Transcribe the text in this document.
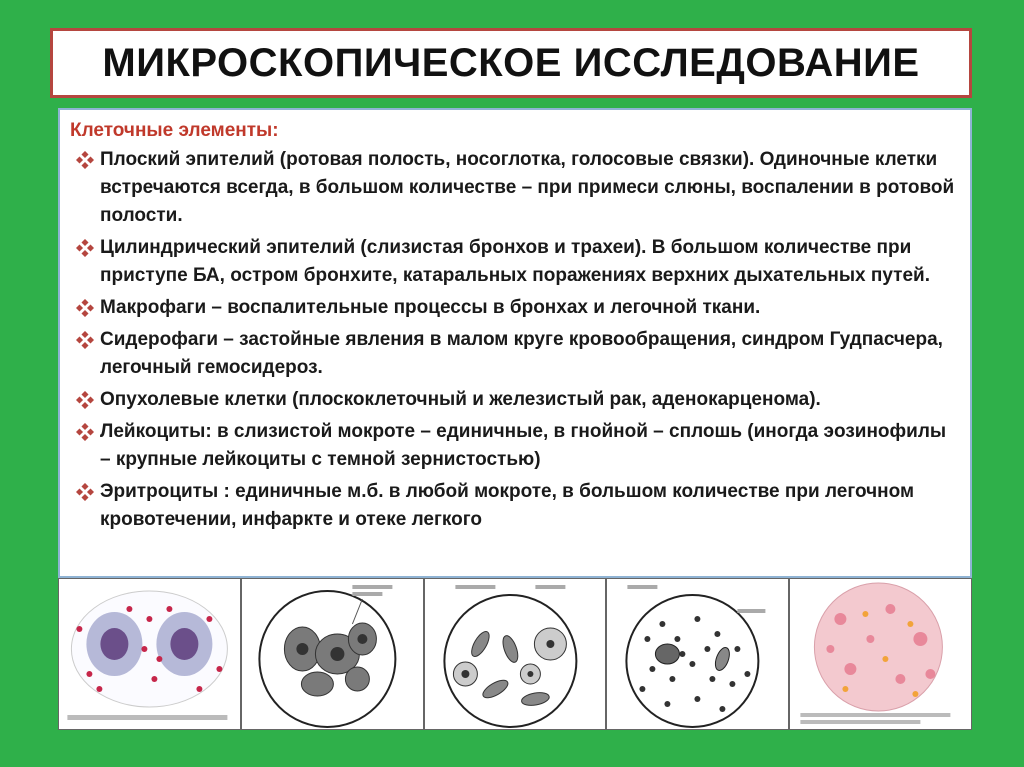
МИКРОСКОПИЧЕСКОЕ ИССЛЕДОВАНИЕ
Клеточные элементы:
Плоский эпителий (ротовая полость, носоглотка, голосовые связки). Одиночные клетки встречаются всегда, в большом количестве – при примеси слюны, воспалении в ротовой полости.
Цилиндрический эпителий (слизистая бронхов и трахеи). В большом количестве при приступе БА, остром бронхите, катаральных поражениях верхних дыхательных путей.
Макрофаги – воспалительные процессы в бронхах и легочной ткани.
Сидерофаги – застойные явления в малом круге кровообращения, синдром Гудпасчера, легочный гемосидероз.
Опухолевые клетки (плоскоклеточный и железистый рак, аденокарценома).
Лейкоциты: в слизистой мокроте – единичные, в гнойной – сплошь (иногда эозинофилы – крупные лейкоциты с темной зернистостью)
Эритроциты : единичные м.б. в любой мокроте, в большом количестве при легочном кровотечении, инфаркте и отеке легкого
